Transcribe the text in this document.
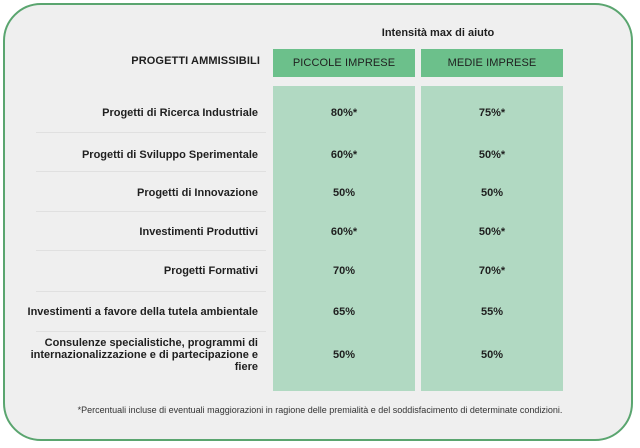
Intensità max di aiuto
PROGETTI AMMISSIBILI	PICCOLE IMPRESE	MEDIE IMPRESE
Progetti di Ricerca Industriale	80%*	75%*
Progetti di Sviluppo Sperimentale	60%*	50%*
Progetti di Innovazione	50%	50%
Investimenti Produttivi	60%*	50%*
Progetti Formativi	70%	70%*
Investimenti a favore della tutela ambientale	65%	55%
Consulenze specialistiche, programmi di
internazionalizzazione e di partecipazione e fiere
50%	50%
*Percentuali incluse di eventuali maggiorazioni in ragione delle premialità e del soddisfacimento di determinate condizioni.
